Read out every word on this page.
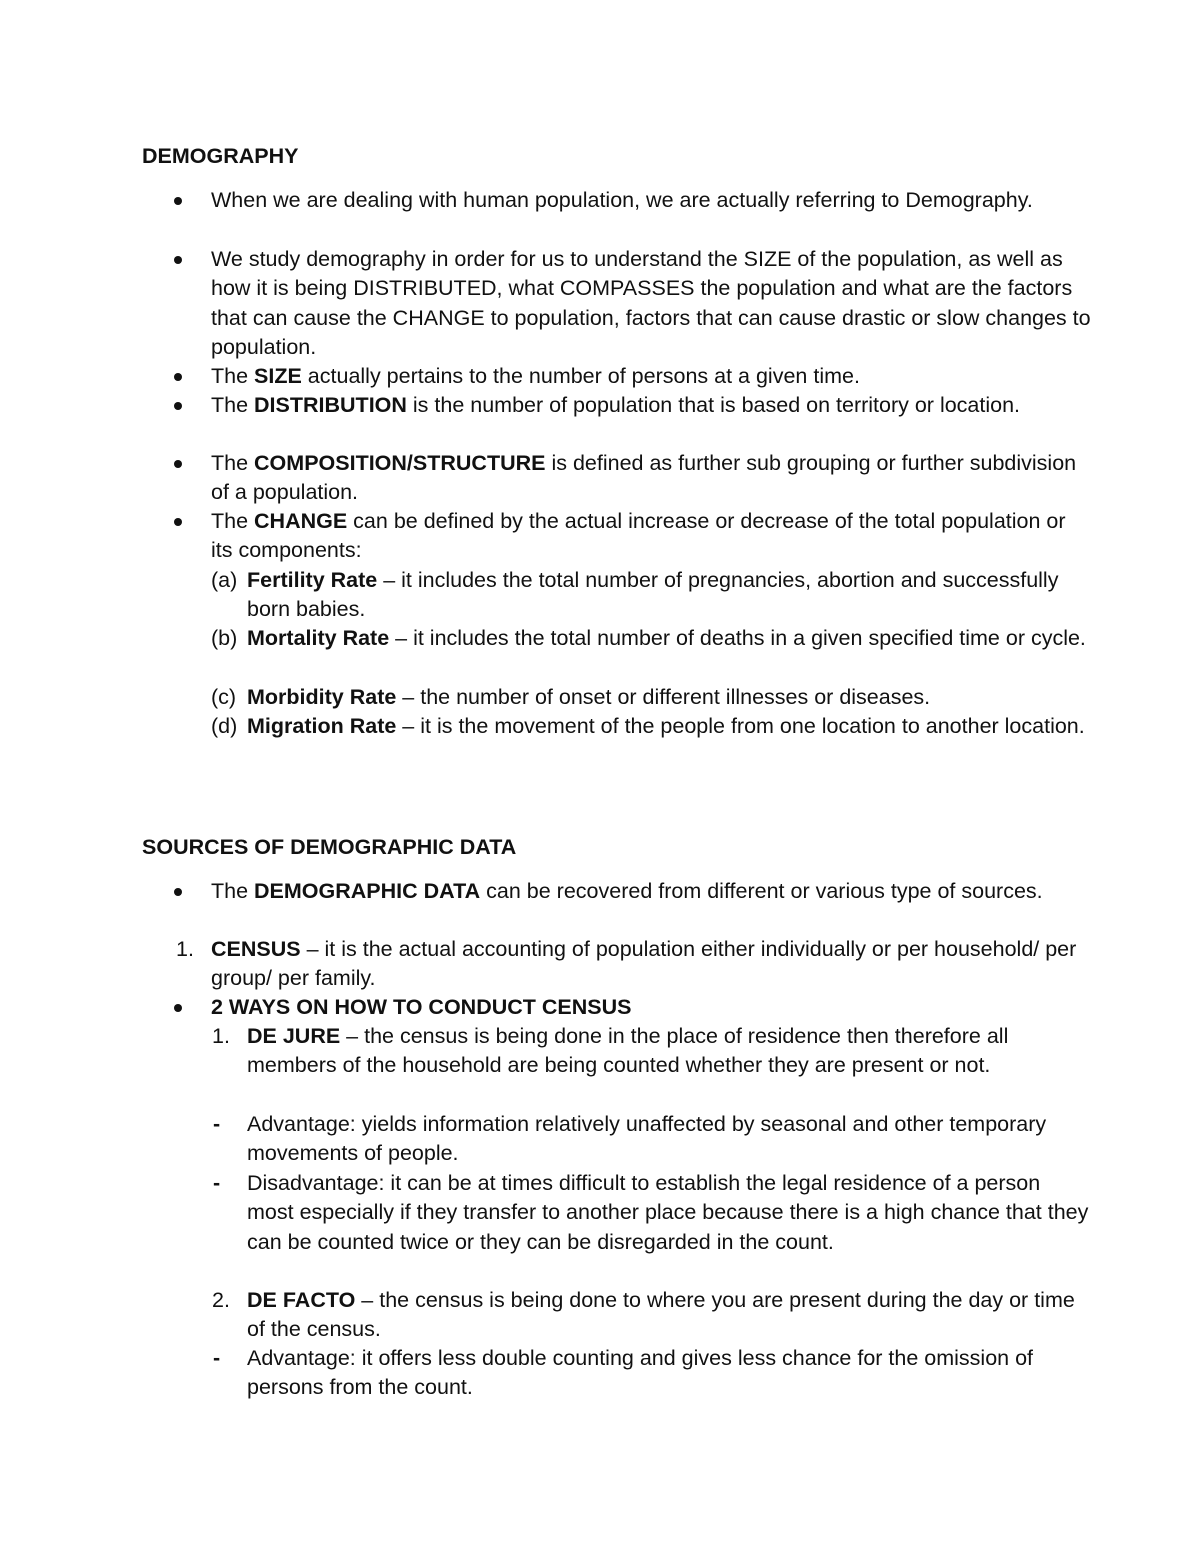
DEMOGRAPHY
When we are dealing with human population, we are actually referring to Demography.
We study demography in order for us to understand the SIZE of the population, as well as how it is being DISTRIBUTED, what COMPASSES the population and what are the factors that can cause the CHANGE to population, factors that can cause drastic or slow changes to population.
The SIZE actually pertains to the number of persons at a given time.
The DISTRIBUTION is the number of population that is based on territory or location.
The COMPOSITION/STRUCTURE is defined as further sub grouping or further subdivision of a population.
The CHANGE can be defined by the actual increase or decrease of the total population or its components:
(a) Fertility Rate – it includes the total number of pregnancies, abortion and successfully born babies.
(b) Mortality Rate – it includes the total number of deaths in a given specified time or cycle.
(c) Morbidity Rate – the number of onset or different illnesses or diseases.
(d) Migration Rate – it is the movement of the people from one location to another location.
SOURCES OF DEMOGRAPHIC DATA
The DEMOGRAPHIC DATA can be recovered from different or various type of sources.
1. CENSUS – it is the actual accounting of population either individually or per household/ per group/ per family.
2 WAYS ON HOW TO CONDUCT CENSUS
1. DE JURE – the census is being done in the place of residence then therefore all members of the household are being counted whether they are present or not.
- Advantage: yields information relatively unaffected by seasonal and other temporary movements of people.
- Disadvantage: it can be at times difficult to establish the legal residence of a person most especially if they transfer to another place because there is a high chance that they can be counted twice or they can be disregarded in the count.
2. DE FACTO – the census is being done to where you are present during the day or time of the census.
- Advantage: it offers less double counting and gives less chance for the omission of persons from the count.
